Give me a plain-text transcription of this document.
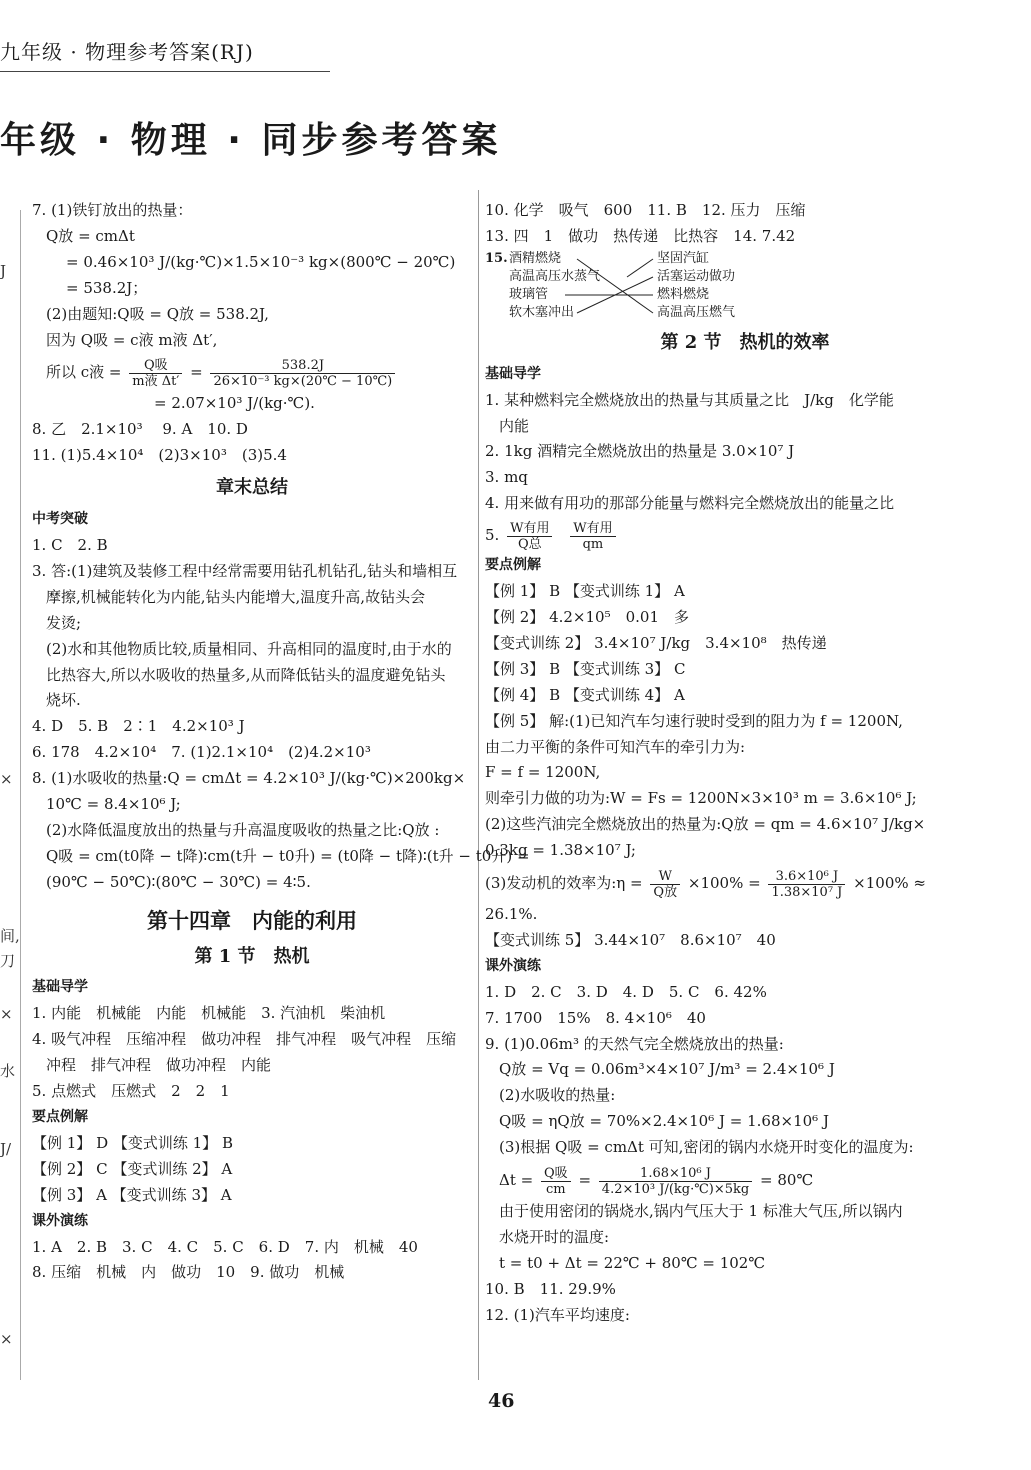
九年级 · 物理参考答案(RJ)
年级 · 物理 · 同步参考答案
J
×
间,
刀
×
水
J/
×
7. (1)铁钉放出的热量：
Q放 = cmΔt
= 0.46×10³ J/(kg·℃)×1.5×10⁻³ kg×(800℃ − 20℃)
= 538.2J；
(2)由题知:Q吸 = Q放 = 538.2J,
因为 Q吸 = c液 m液 Δt′,
所以 c液 = $\frac{\text{Q吸}}{\text{m液 Δt′}} = \frac{538.2J}{\text{26×10⁻³ kg×(20℃ − 10℃)}}$
= 2.07×10³ J/(kg·℃).
8. 乙　2.1×10³　 9. A　10. D
11. (1)5.4×10⁴　(2)3×10³　(3)5.4
章末总结
中考突破
1. C　2. B
3. 答:(1)建筑及装修工程中经常需要用钻孔机钻孔,钻头和墙相互
摩擦,机械能转化为内能,钻头内能增大,温度升高,故钻头会
发烫;
(2)水和其他物质比较,质量相同、升高相同的温度时,由于水的
比热容大,所以水吸收的热量多,从而降低钻头的温度避免钻头
烧坏.
4. D　5. B　2∶1　4.2×10³ J
6. 178　4.2×10⁴　7. (1)2.1×10⁴　(2)4.2×10³
8. (1)水吸收的热量:Q = cmΔt = 4.2×10³ J/(kg·℃)×200kg×
10℃ = 8.4×10⁶ J;
(2)水降低温度放出的热量与升高温度吸收的热量之比:Q放 :
Q吸 = cm(t0降 − t降)∶cm(t升 − t0升) = (t0降 − t降)∶(t升 − t0升) =
(90℃ − 50℃)∶(80℃ − 30℃) = 4∶5.
第十四章　内能的利用
第 1 节　热机
基础导学
1. 内能　机械能　内能　机械能　3. 汽油机　柴油机
4. 吸气冲程　压缩冲程　做功冲程　排气冲程　吸气冲程　压缩
冲程　排气冲程　做功冲程　内能
5. 点燃式　压燃式　2　2　1
要点例解
【例 1】 D 【变式训练 1】 B
【例 2】 C 【变式训练 2】 A
【例 3】 A 【变式训练 3】 A
课外演练
1. A　2. B　3. C　4. C　5. C　6. D　7. 内　机械　40
8. 压缩　机械　内　做功　10　9. 做功　机械
10. 化学　吸气　600　11. B　12. 压力　压缩
13. 四　1　做功　热传递　比热容　14. 7.42
15. 酒精燃烧
高温高压水蒸气
玻璃管
软木塞冲出
坚固汽缸
活塞运动做功
燃料燃烧
高温高压燃气
第 2 节　热机的效率
基础导学
1. 某种燃料完全燃烧放出的热量与其质量之比　J/kg　化学能
内能
2. 1kg 酒精完全燃烧放出的热量是 3.0×10⁷ J
3. mq
4. 用来做有用功的那部分能量与燃料完全燃烧放出的能量之比
5. $\frac{\text{W有用}}{\text{Q总}}$
$\frac{\text{W有用}}{qm}$
要点例解
【例 1】 B 【变式训练 1】 A
【例 2】 4.2×10⁵　0.01　多
【变式训练 2】 3.4×10⁷ J/kg　3.4×10⁸　热传递
【例 3】 B 【变式训练 3】 C
【例 4】 B 【变式训练 4】 A
【例 5】 解:(1)已知汽车匀速行驶时受到的阻力为 f = 1200N,
由二力平衡的条件可知汽车的牵引力为:
F = f = 1200N,
则牵引力做的功为:W = Fs = 1200N×3×10³ m = 3.6×10⁶ J;
(2)这些汽油完全燃烧放出的热量为:Q放 = qm = 4.6×10⁷ J/kg×
0.3kg = 1.38×10⁷ J;
(3)发动机的效率为:η = $\frac{W}{\text{Q放}} \times 100\% = \frac{\text{3.6×10⁶ J}}{\text{1.38×10⁷ J}} \times 100\%$ ≈
26.1%.
【变式训练 5】 3.44×10⁷　8.6×10⁷　40
课外演练
1. D　2. C　3. D　4. D　5. C　6. 42%
7. 1700　15%　8. 4×10⁶　40
9. (1)0.06m³ 的天然气完全燃烧放出的热量:
Q放 = Vq = 0.06m³×4×10⁷ J/m³ = 2.4×10⁶ J
(2)水吸收的热量:
Q吸 = ηQ放 = 70%×2.4×10⁶ J = 1.68×10⁶ J
(3)根据 Q吸 = cmΔt 可知,密闭的锅内水烧开时变化的温度为:
$\Delta t = \frac{\text{Q吸}}{cm} = \frac{\text{1.68×10⁶ J}}{\text{4.2×10³ J/(kg·℃)×5kg}}$ = 80℃
由于使用密闭的锅烧水,锅内气压大于 1 标准大气压,所以锅内
水烧开时的温度:
t = t0 + Δt = 22℃ + 80℃ = 102℃
10. B　11. 29.9%
12. (1)汽车平均速度:
46
